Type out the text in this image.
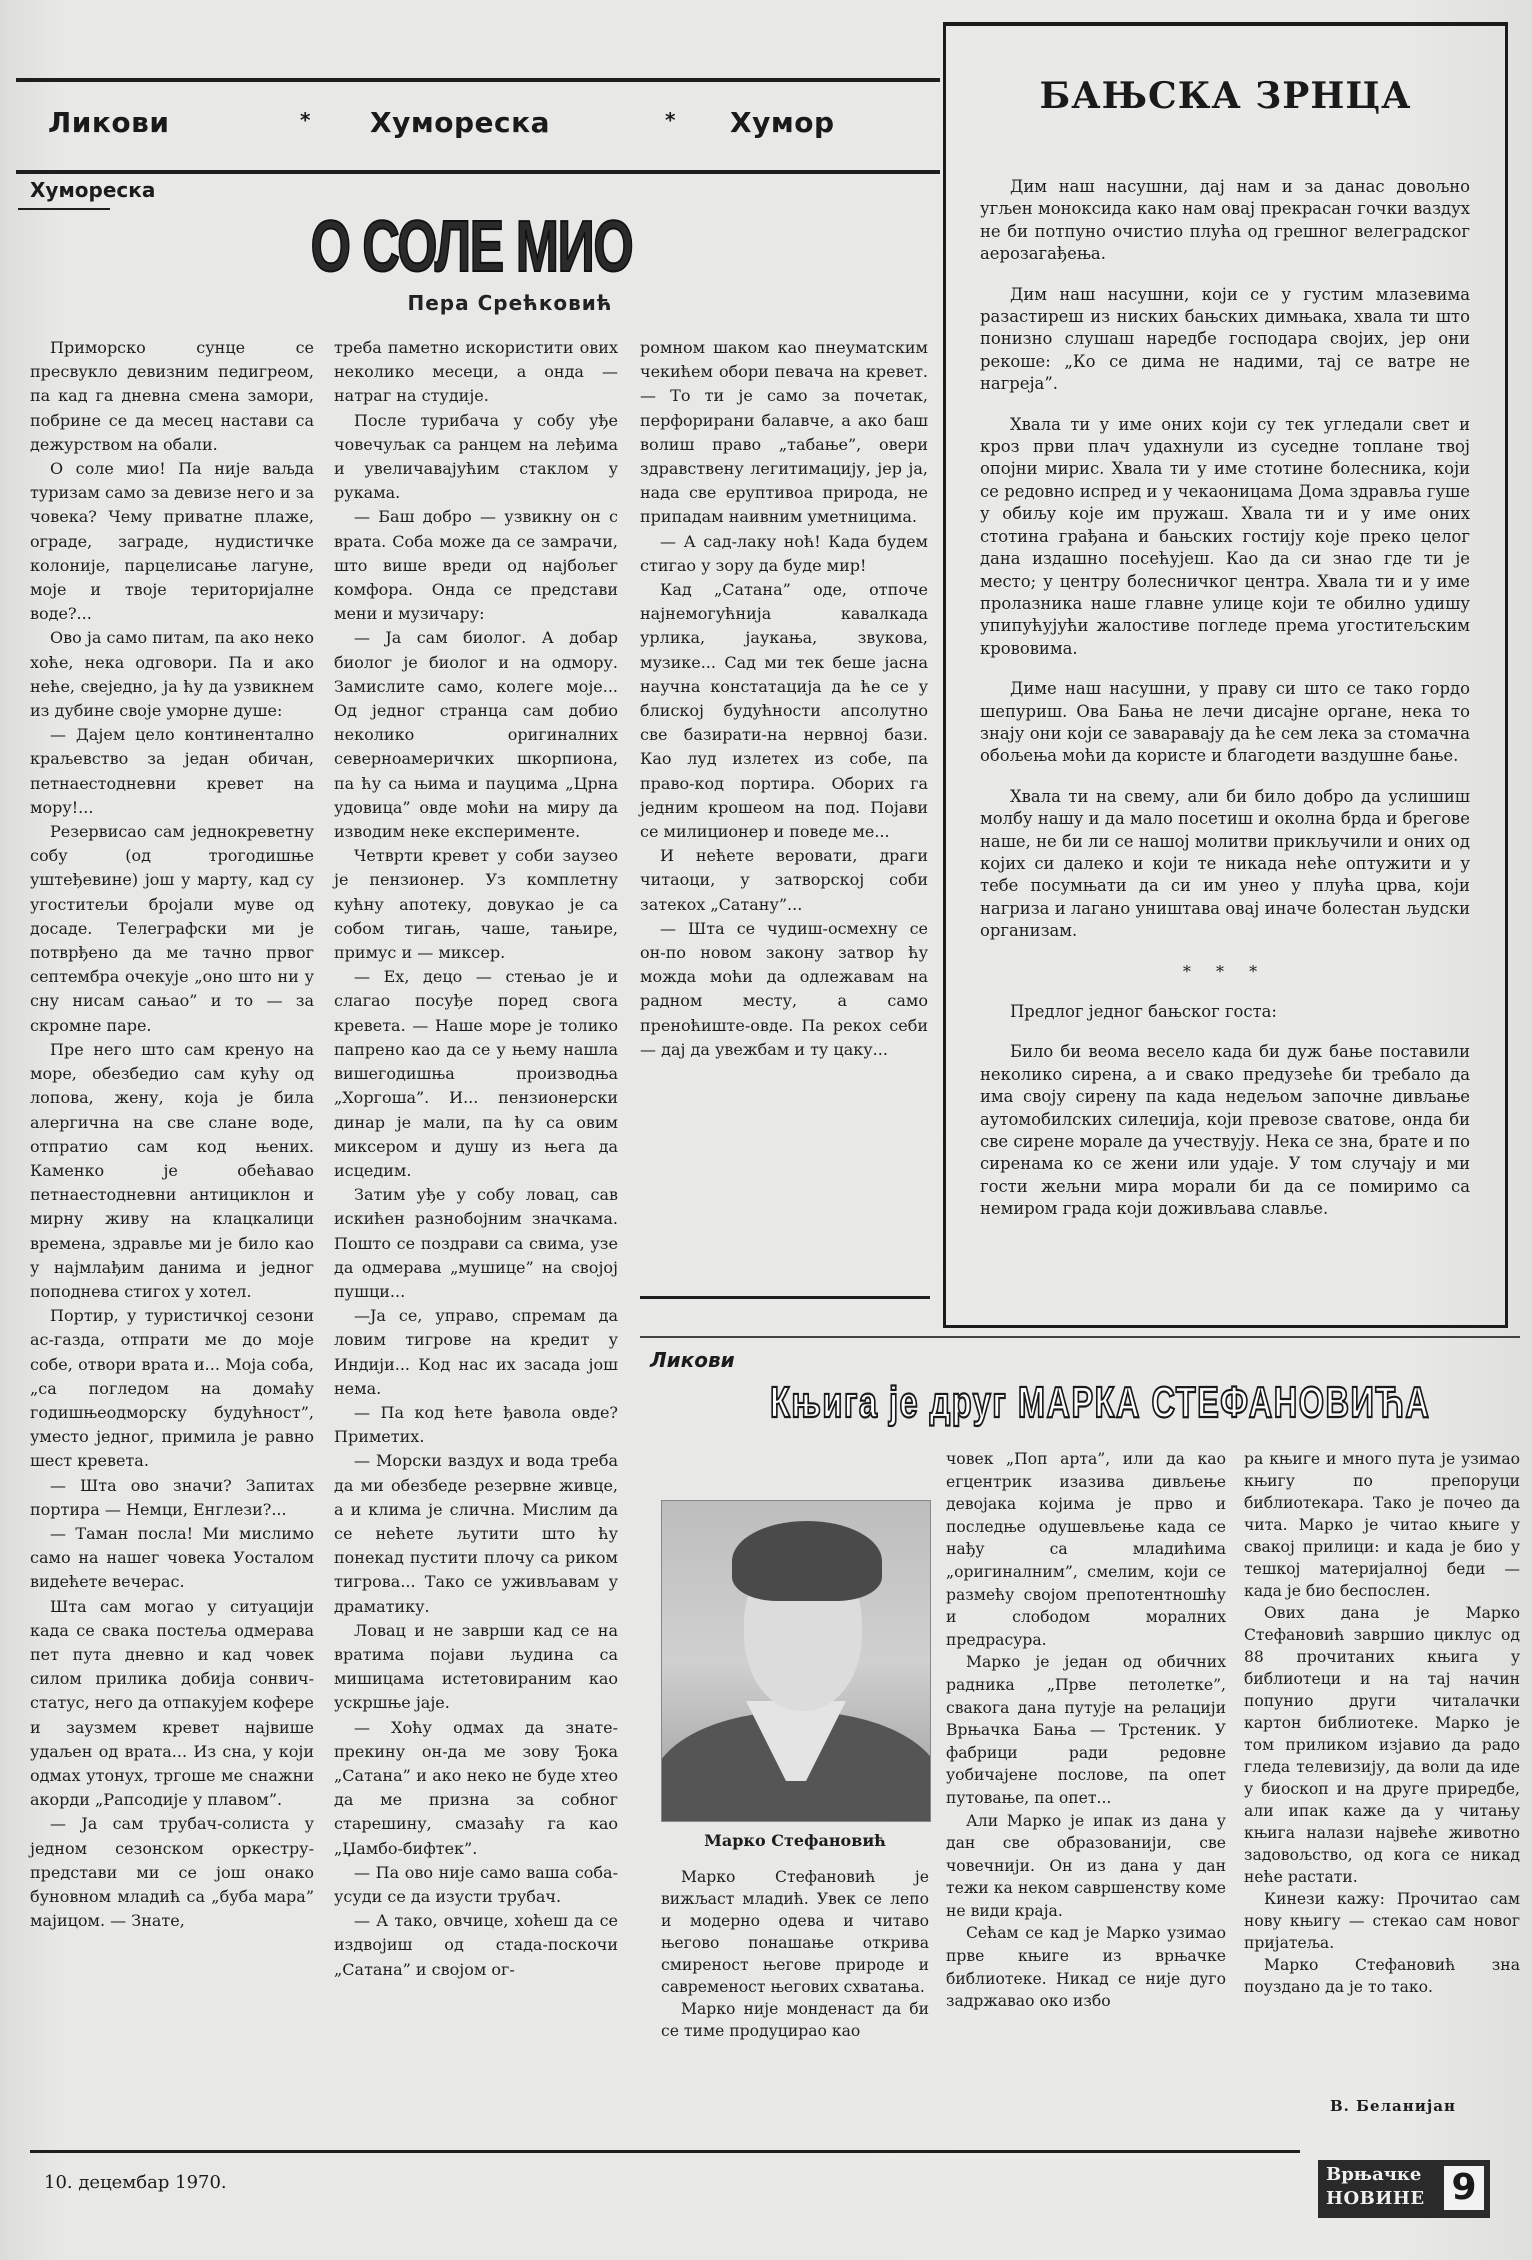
Ликови	* Хумореска	* Хумор
Хумореска
О СОЛЕ МИО
Пера Срећковић

Приморско сунце се пресвукло девизним педигреом, па кад га дневна смена замори, побрине се да месец настави са дежурством на обали.

О соле мио! Па није ваљда туризам само за девизе него и за човека? Чему приватне плаже, ограде, заграде, нудистичке колоније, парцелисање лагуне, моје и твоје територијалне воде?...

Ово ја само питам, па ако неко хоће, нека одговори. Па и ако неће, свеједно, ја ћу да узвикнем из дубине своје уморне душе:

— Дајем цело континентално краљевство за један обичан, петнаестодневни кревет на мору!...

Резервисао сам једнокреветну собу (од трогодишње уштеђевине) још у марту, кад су угоститељи бројали муве од досаде. Телеграфски ми је потврђено да ме тачно првог септембра очекује „оно што ни у сну нисам сањао” и то — за скромне паре.

Пре него што сам кренуо на море, обезбедио сам кућу од лопова, жену, која је била алергична на све слане воде, отпратио сам код њених. Каменко је обећавао петнаестодневни антициклон и мирну живу на клацкалици времена, здравље ми је било као у најмлађим данима и једног поподнева стигох у хотел.

Портир, у туристичкој сезони ас-газда, отпрати ме до моје собе, отвори врата и... Моја соба, „са погледом на домаћу годишњеодморску будућност”, уместо једног, примила је равно шест кревета.

— Шта ово значи? Запитах портира — Немци, Енглези?...

— Таман посла! Ми мислимо само на нашег човека Уосталом видећете вечерас.

Шта сам могао у ситуацији када се свака постеља одмерава пет пута дневно и кад човек силом прилика добија сонвич-статус, него да отпакујем кофере и заузмем кревет највише удаљен од врата... Из сна, у који одмах утонух, тргоше ме снажни акорди „Рапсодије у плавом”.

— Ја сам трубач-солиста у једном сезонском оркестру-представи ми се још онако буновном младић са „буба мара” мајицом. — Знате,

треба паметно искористити ових неколико месеци, а онда — натраг на студије.

После турибача у собу уђе човечуљак са ранцем на леђима и увеличавајућим стаклом у рукама.

— Баш добро — узвикну он с врата. Соба може да се замрачи, што више вреди од најбољег комфора. Онда се представи мени и музичару:

— Ја сам биолог. А добар биолог је биолог и на одмору. Замислите само, колеге моје... Од једног странца сам добио неколико оригиналних северноамеричких шкорпиона, па ћу са њима и пауцима „Црна удовица” овде моћи на миру да изводим неке експерименте.

Четврти кревет у соби заузео је пензионер. Уз комплетну кућну апотеку, довукао је са собом тигањ, чаше, тањире, примус и — миксер.

— Ех, децо — стењао је и слагао посуђе поред свога кревета. — Наше море је толико папрено као да се у њему нашла вишегодишња производња „Хоргоша”. И... пензионерски динар је мали, па ћу са овим миксером и душу из њега да исцедим.

Затим уђе у собу ловац, сав искићен разнобојним значкама. Пошто се поздрави са свима, узе да одмерава „мушице” на својој пушци...

—Ја се, управо, спремам да ловим тигрове на кредит у Индији... Код нас их засада још нема.

— Па код ћете ђавола овде? Приметих.

— Морски ваздух и вода треба да ми обезбеде резервне живце, а и клима је слична. Мислим да се нећете љутити што ћу понекад пустити плочу са риком тигрова... Тако се уживљавам у драматику.

Ловац и не заврши кад се на вратима појави људина са мишицама истетовираним као ускршње јаје.

— Хоћу одмах да знате-прекину он-да ме зову Ђока „Сатана” и ако неко не буде хтео да ме призна за собног старешину, смазаћу га као „Џамбо-бифтек”.

— Па ово није само ваша соба-усуди се да изусти трубач.

— А тако, овчице, хоћеш да се издвојиш од стада-поскочи „Сатана” и својом ог-

ромном шаком као пнеуматским чекићем обори певача на кревет. — То ти је само за почетак, перфорирани балавче, а ако баш волиш право „табање”, овери здравствену легитимацију, јер ја, нада све еруптивоа природа, не припадам наивним уметницима.

— А сад-лаку ноћ! Када будем стигао у зору да буде мир!

Кад „Сатана” оде, отпоче најнемогућнија кавалкада урлика, јаукања, звукова, музике... Сад ми тек беше јасна научна констатација да ће се у блиској будућности апсолутно све базирати-на нервној бази. Као луд излетех из собе, па право-код портира. Оборих га једним крошеом на под. Појави се милиционер и поведе ме...

И нећете веровати, драги читаоци, у затворској соби затекох „Сатану”...

— Шта се чудиш-осмехну се он-по новом закону затвор ћу можда моћи да одлежавам на радном месту, а само преноћиште-овде. Па рекох себи — дај да увежбам и ту цаку...

БАЊСКА ЗРНЦА

Дим наш насушни, дај нам и за данас довољно угљен моноксида како нам овај прекрасан гочки ваздух не би потпуно очистио плућа од грешног велеградског аерозагађења.

Дим наш насушни, који се у густим млазевима разастиреш из ниских бањских димњака, хвала ти што понизно слушаш наредбе господара својих, јер они рекоше: „Ко се дима не надими, тај се ватре не нагреја”.

Хвала ти у име оних који су тек угледали свет и кроз први плач удахнули из суседне топлане твој опојни мирис. Хвала ти у име стотине болесника, који се редовно испред и у чекаоницама Дома здравља гуше у обиљу које им пружаш. Хвала ти и у име оних стотина грађана и бањских гостију које преко целог дана издашно посећујеш. Као да си знао где ти је место; у центру болесничког центра. Хвала ти и у име пролазника наше главне улице који те обилно удишу упипућујући жалостиве погледе према угоститељским крововима.

Диме наш насушни, у праву си што се тако гордо шепуриш. Ова Бања не лечи дисајне органе, нека то знају они који се заваравају да ће сем лека за стомачна обољења моћи да користе и благодети ваздушне бање.

Хвала ти на свему, али би било добро да услишиш молбу нашу и да мало посетиш и околна брда и брегове наше, не би ли се нашој молитви прикључили и оних од којих си далеко и који те никада неће оптужити и у тебе посумњати да си им унео у плућа црва, који нагриза и лагано уништава овај иначе болестан људски организам.

* * *

Предлог једног бањског госта:

Било би веома весело када би дуж бање поставили неколико сирена, а и свако предузеће би требало да има своју сирену па када недељом започне дивљање аутомобилских силеџија, који превозе сватове, онда би све сирене морале да учествују. Нека се зна, брате и по сиренама ко се жени или удаје. У том случају и ми гости жељни мира морали би да се помиримо са немиром града који доживљава славље.

Ликови
Књига је друг МАРКА СТЕФАНОВИЋА
Марко Стефановић

Марко Стефановић је вижљаст младић. Увек се лепо и модерно одева и читаво његово понашање открива смиреност његове природе и савременост његових схватања.

Марко није монденаст да би се тиме продуцирао као

човек „Поп арта”, или да као егцентрик изазива дивљење девојака којима је прво и последње одушевљење када се нађу са младићима „оригиналним”, смелим, који се размећу својом препотентношћу и слободом моралних предрасура.

Марко је један од обичних радника „Прве петолетке”, свакога дана путује на релацији Врњачка Бања — Трстеник. У фабрици ради редовне уобичајене послове, па опет путовање, па опет...

Али Марко је ипак из дана у дан све образованији, све човечнији. Он из дана у дан тежи ка неком савршенству коме не види краја.

Сећам се кад је Марко узимао прве књиге из врњачке библиотеке. Никад се није дуго задржавао око избо

ра књиге и много пута је узимао књигу по препоруци библиотекара. Тако је почео да чита. Марко је читао књиге у свакој прилици: и када је био у тешкој материјалној беди — када је био беспослен.

Ових дана је Марко Стефановић завршио циклус од 88 прочитаних књига у библиотеци и на тај начин попунио други читалачки картон библиотеке. Марко је том приликом изјавио да радо гледа телевизију, да воли да иде у биоскоп и на друге приредбе, али ипак каже да у читању књига налази највеће животно задовољство, од кога се никад неће растати.

Кинези кажу: Прочитао сам нову књигу — стекао сам новог пријатеља.

Марко Стефановић зна поуздано да је то тако.

В. Беланијан
10. децембар 1970.	Врњачке
НОВИНЕ 9
